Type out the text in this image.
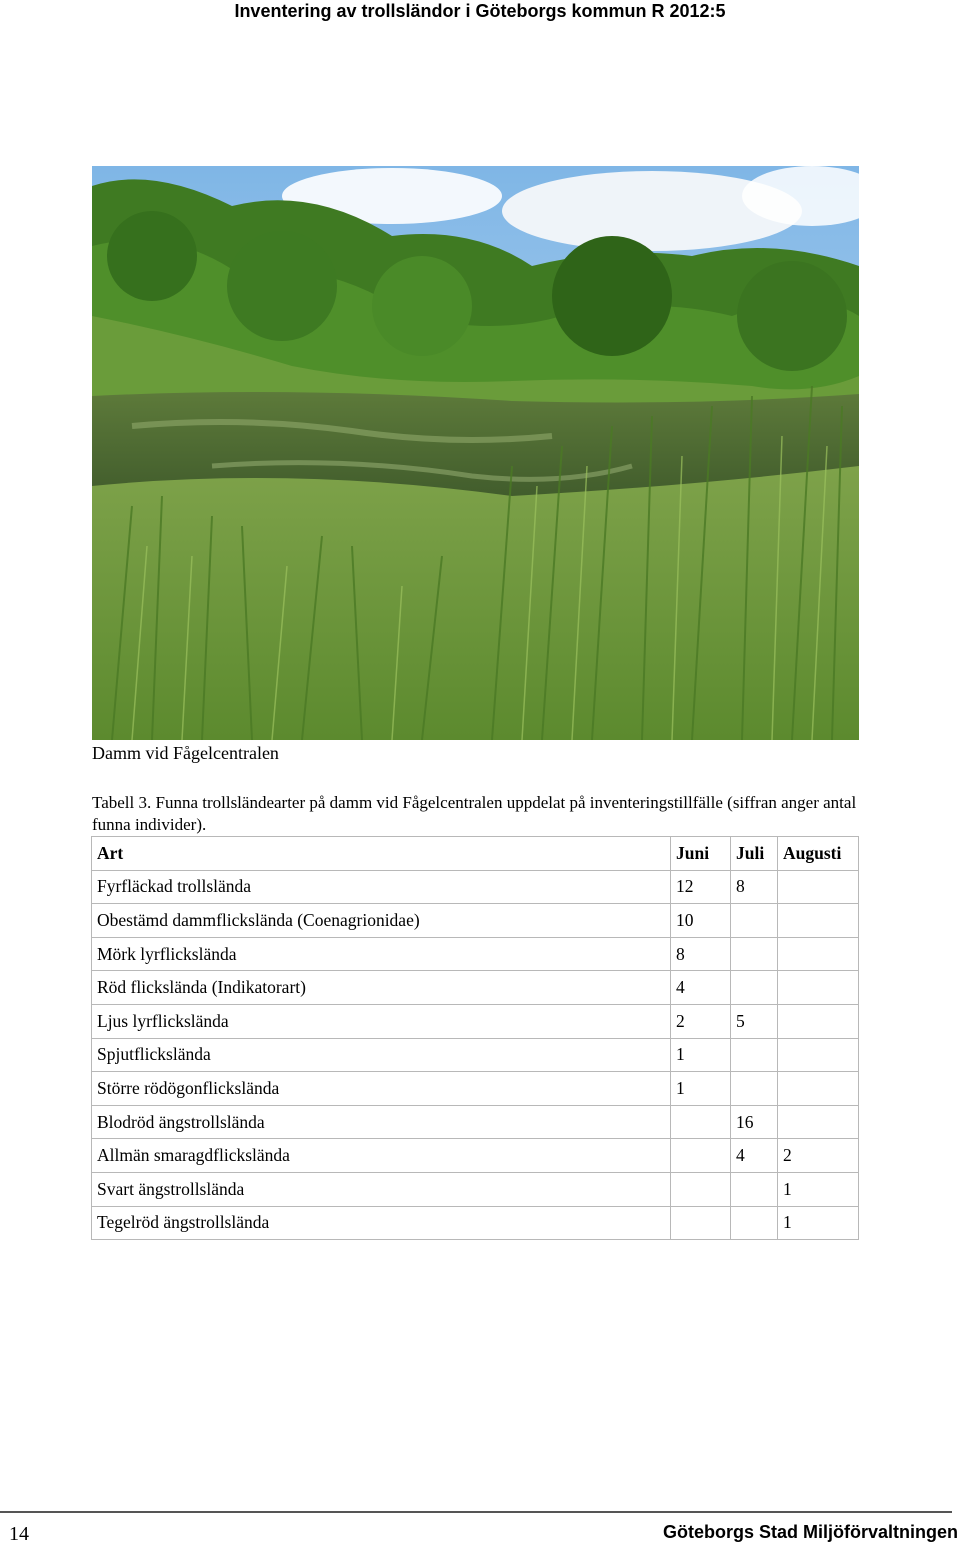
Inventering av trollsländor i Göteborgs kommun R 2012:5
Damm vid Fågelcentralen
Tabell 3. Funna trollsländearter på damm vid Fågelcentralen uppdelat på inventeringstillfälle (siffran anger antal funna individer).
Art	Juni	Juli	Augusti
Fyrfläckad trollslända	12	8	
Obestämd dammflickslända (Coenagrionidae)	10		
Mörk lyrflickslända	8		
Röd flickslända (Indikatorart)	4		
Ljus lyrflickslända	2	5	
Spjutflickslända	1		
Större rödögonflickslända	1		
Blodröd ängstrollslända		16	
Allmän smaragdflickslända		4	2
Svart ängstrollslända			1
Tegelröd ängstrollslända			1
14	Göteborgs Stad Miljöförvaltningen
